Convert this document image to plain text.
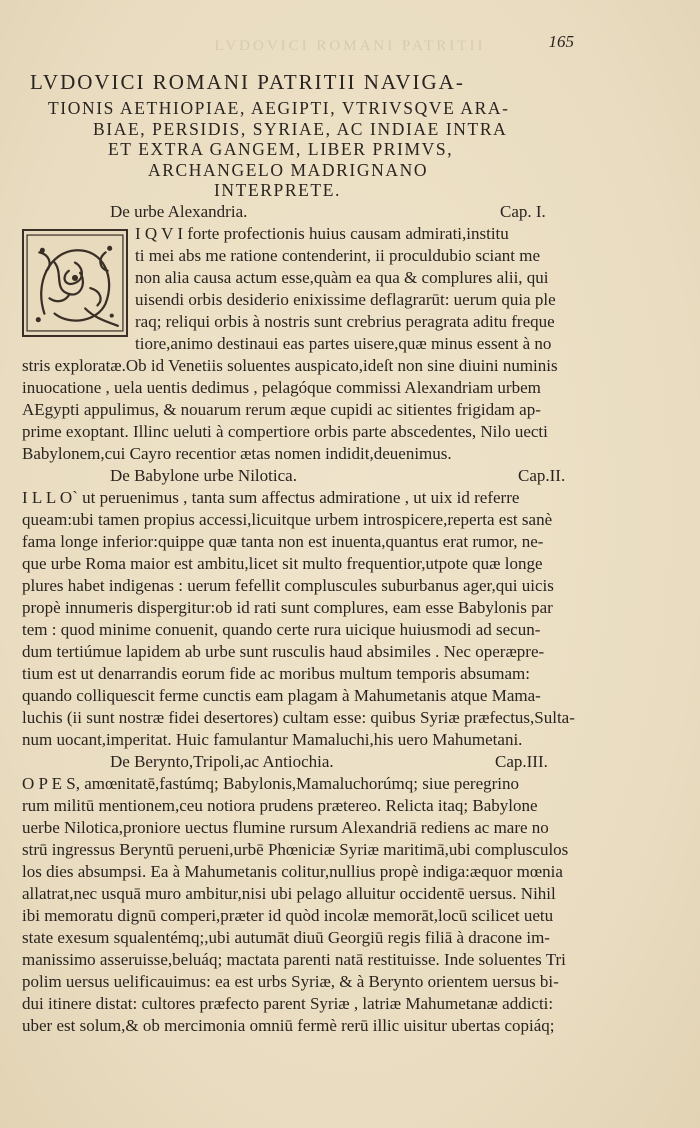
LVDOVICI ROMANI PATRITII	165
LVDOVICI ROMANI PATRITII NAVIGA-
TIONIS AETHIOPIAE, AEGIPTI, VTRIVSQVE ARA-
BIAE, PERSIDIS, SYRIAE, AC INDIAE INTRA
ET EXTRA GANGEM, LIBER PRIMVS,
ARCHANGELO MADRIGNANO
INTERPRETE.
De urbe Alexandria.	Cap. I.
I Q V I forte profectionis huius causam admirati,institu
ti mei abs me ratione contenderint, ii proculdubio sciant me
non alia causa actum esse,quàm ea qua & complures alii, qui
uisendi orbis desiderio enixissime deflagrarūt: uerum quia ple
raq; reliqui orbis à nostris sunt crebrius peragrata aditu freque
tiore,animo destinaui eas partes uisere,quæ minus essent à no
stris exploratæ.Ob id Venetiis soluentes auspicato,ideſt non sine diuini numinis
inuocatione , uela uentis dedimus , pelagóque commissi Alexandriam urbem
AEgypti appulimus, & nouarum rerum æque cupidi ac sitientes frigidam ap-
prime exoptant. Illinc ueluti à compertiore orbis parte abscedentes, Nilo uecti
Babylonem,cui Cayro recentior ætas nomen indidit,deuenimus.
De Babylone urbe Nilotica.	Cap.II.
I L L O` ut peruenimus , tanta sum affectus admiratione , ut uix id referre
queam:ubi tamen propius accessi,licuitque urbem introspicere,reperta est sanè
fama longe inferior:quippe quæ tanta non est inuenta,quantus erat rumor, ne-
que urbe Roma maior est ambitu,licet sit multo frequentior,utpote quæ longe
plures habet indigenas : uerum fefellit compluscules suburbanus ager,qui uicis
propè innumeris dispergitur:ob id rati sunt complures, eam esse Babylonis par
tem : quod minime conuenit, quando certe rura uicique huiusmodi ad secun-
dum tertiúmue lapidem ab urbe sunt rusculis haud absimiles . Nec operæpre-
tium est ut denarrandis eorum fide ac moribus multum temporis absumam:
quando colliquescit ferme cunctis eam plagam à Mahumetanis atque Mama-
luchis (ii sunt nostræ fidei desertores) cultam esse: quibus Syriæ præfectus,Sulta-
num uocant,imperitat. Huic famulantur Mamaluchi,his uero Mahumetani.
De Berynto,Tripoli,ac Antiochia.	Cap.III.
O P E S, amœnitatē,fastúmq; Babylonis,Mamaluchorúmq; siue peregrino
rum militū mentionem,ceu notiora prudens prætereo. Relicta itaq; Babylone
uerbe Nilotica,proniore uectus flumine rursum Alexandriā rediens ac mare no
strū ingressus Beryntū perueni,urbē Phœniciæ Syriæ maritimā,ubi complusculos
los dies absumpsi. Ea à Mahumetanis colitur,nullius propè indiga:æquor mœnia
allatrat,nec usquā muro ambitur,nisi ubi pelago alluitur occidentē uersus. Nihil
ibi memoratu dignū comperi,præter id quòd incolæ memorāt,locū scilicet uetu
state exesum squalentémq;,ubi autumāt diuū Georgiū regis filiā à dracone im-
manissimo asseruisse,beluáq; mactata parenti natā restituisse. Inde soluentes Tri
polim uersus uelificauimus: ea est urbs Syriæ, & à Berynto orientem uersus bi-
dui itinere distat: cultores præfecto parent Syriæ , latriæ Mahumetanæ addicti:
uber est solum,& ob mercimonia omniū fermè rerū illic uisitur ubertas copiáq;
